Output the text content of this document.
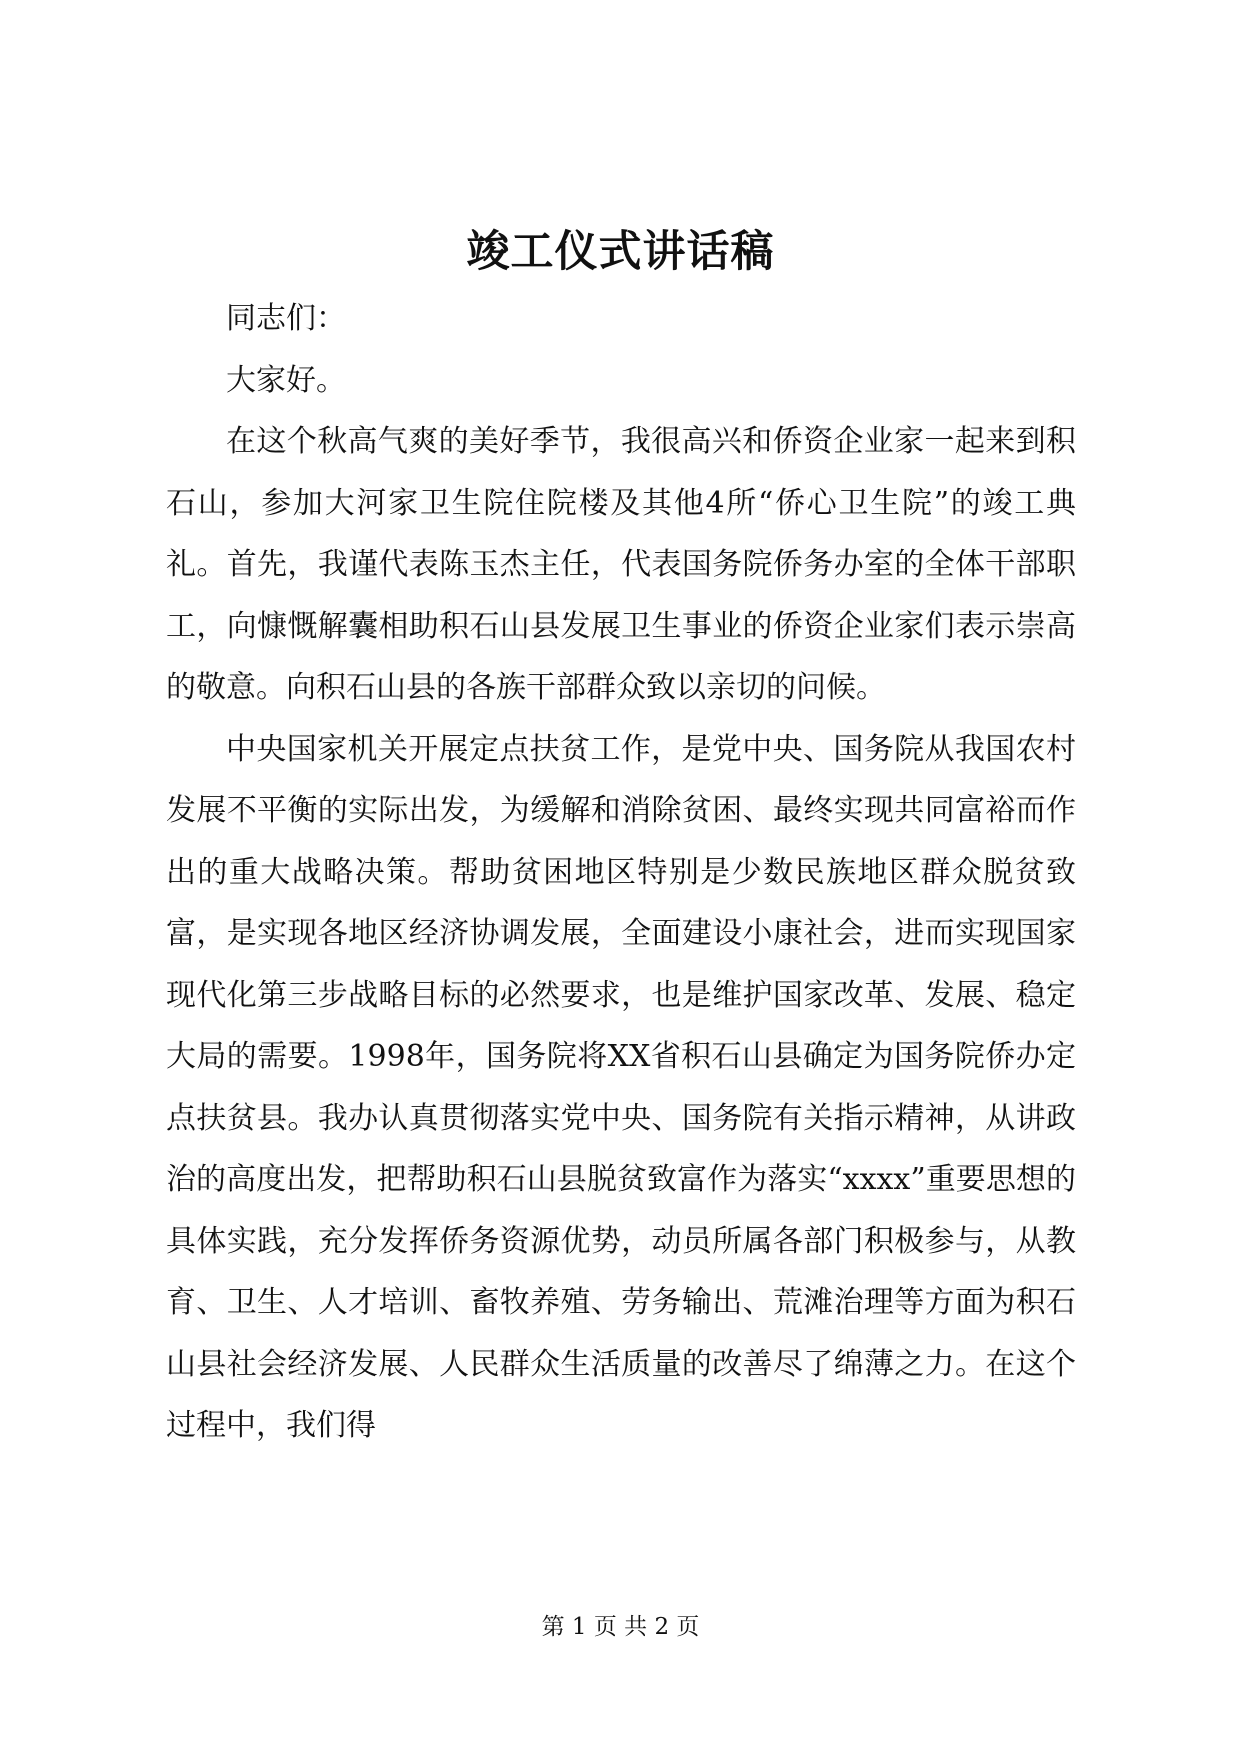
竣工仪式讲话稿

同志们：

大家好。

在这个秋高气爽的美好季节，我很高兴和侨资企业家一起来到积石山，参加大河家卫生院住院楼及其他4所“侨心卫生院”的竣工典礼。首先，我谨代表陈玉杰主任，代表国务院侨务办室的全体干部职工，向慷慨解囊相助积石山县发展卫生事业的侨资企业家们表示崇高的敬意。向积石山县的各族干部群众致以亲切的问候。

中央国家机关开展定点扶贫工作，是党中央、国务院从我国农村发展不平衡的实际出发，为缓解和消除贫困、最终实现共同富裕而作出的重大战略决策。帮助贫困地区特别是少数民族地区群众脱贫致富，是实现各地区经济协调发展，全面建设小康社会，进而实现国家现代化第三步战略目标的必然要求，也是维护国家改革、发展、稳定大局的需要。1998年，国务院将XX省积石山县确定为国务院侨办定点扶贫县。我办认真贯彻落实党中央、国务院有关指示精神，从讲政治的高度出发，把帮助积石山县脱贫致富作为落实“xxxx”重要思想的具体实践，充分发挥侨务资源优势，动员所属各部门积极参与，从教育、卫生、人才培训、畜牧养殖、劳务输出、荒滩治理等方面为积石山县社会经济发展、人民群众生活质量的改善尽了绵薄之力。在这个过程中，我们得

第 1 页 共 2 页
